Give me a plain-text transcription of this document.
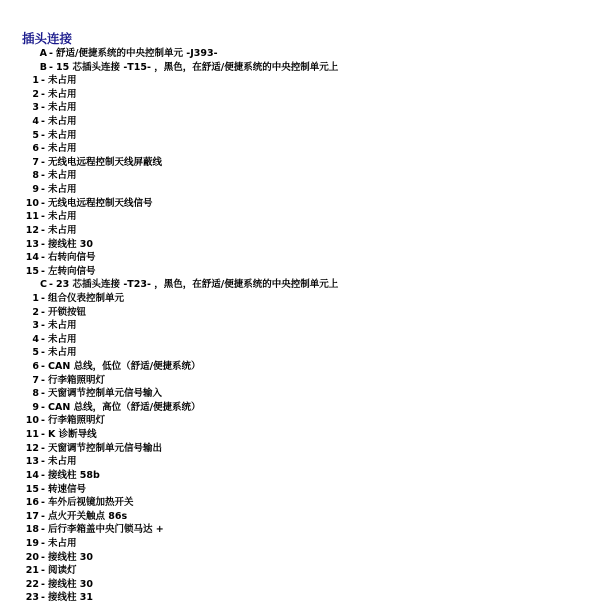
插头连接
A - 舒适/便捷系统的中央控制单元 -J393-
B - 15 芯插头连接 -T15- ，黑色，在舒适/便捷系统的中央控制单元上
1 - 未占用
2 - 未占用
3 - 未占用
4 - 未占用
5 - 未占用
6 - 未占用
7 - 无线电远程控制天线屏蔽线
8 - 未占用
9 - 未占用
10 - 无线电远程控制天线信号
11 - 未占用
12 - 未占用
13 - 接线柱 30
14 - 右转向信号
15 - 左转向信号
C - 23 芯插头连接 -T23- ，黑色，在舒适/便捷系统的中央控制单元上
1 - 组合仪表控制单元
2 - 开锁按钮
3 - 未占用
4 - 未占用
5 - 未占用
6 - CAN 总线，低位（舒适/便捷系统）
7 - 行李箱照明灯
8 - 天窗调节控制单元信号输入
9 - CAN 总线，高位（舒适/便捷系统）
10 - 行李箱照明灯
11 - K 诊断导线
12 - 天窗调节控制单元信号输出
13 - 未占用
14 - 接线柱 58b
15 - 转速信号
16 - 车外后视镜加热开关
17 - 点火开关触点 86s
18 - 后行李箱盖中央门锁马达 +
19 - 未占用
20 - 接线柱 30
21 - 阅读灯
22 - 接线柱 30
23 - 接线柱 31
